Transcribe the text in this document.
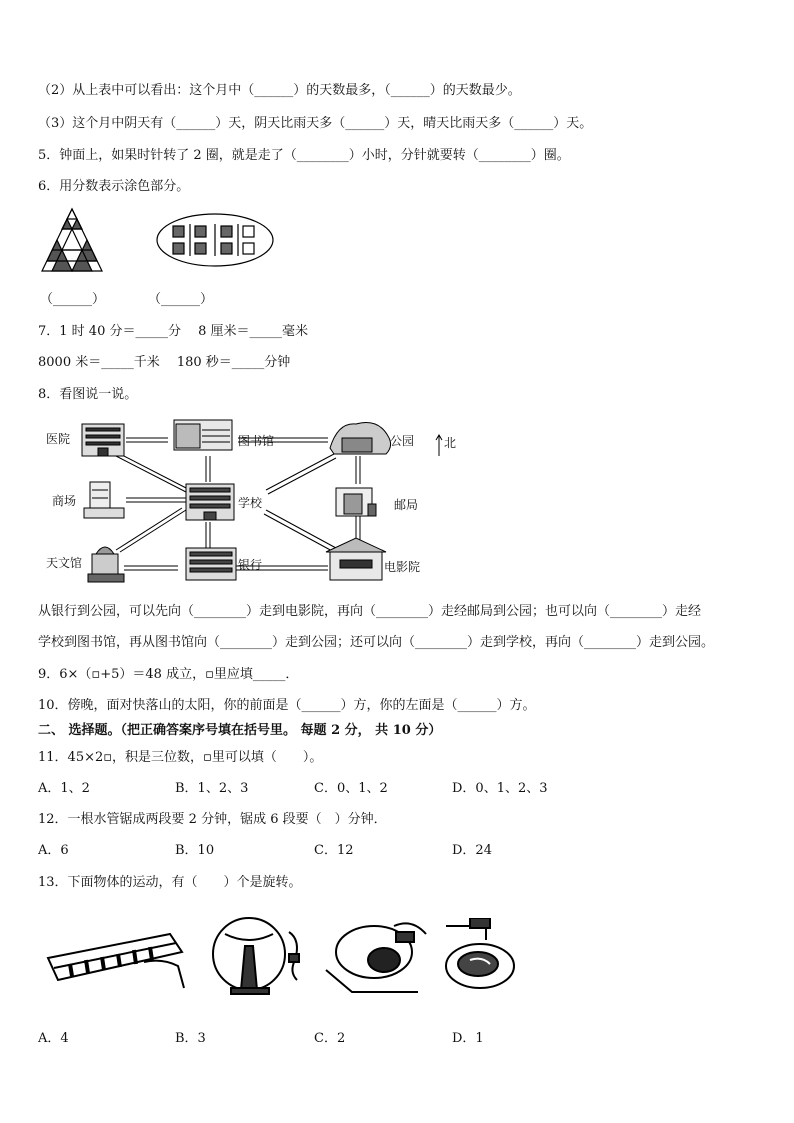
（2）从上表中可以看出：这个月中（______）的天数最多，（______）的天数最少。
（3）这个月中阴天有（______）天，阴天比雨天多（______）天，晴天比雨天多（______）天。
5．钟面上，如果时针转了 2 圈，就是走了（________）小时，分针就要转（________）圈。
6．用分数表示涂色部分。
（______）	（______）
7．1 时 40 分＝_____分　 8 厘米＝_____毫米
8000 米＝_____千米　 180 秒＝_____分钟
8．看图说一说。
医院	图书馆	公园 北
商场	学校	邮局
天文馆	银行	电影院
从银行到公园，可以先向（________）走到电影院，再向（________）走经邮局到公园；也可以向（________）走经
学校到图书馆，再从图书馆向（________）走到公园；还可以向（________）走到学校，再向（________）走到公园。
9．6×（▫+5）＝48 成立，▫里应填_____．
10．傍晚，面对快落山的太阳，你的前面是（______）方，你的左面是（______）方。
二、 选择题。（把正确答案序号填在括号里。 每题 2 分， 共 10 分）
11．45×2▫，积是三位数，▫里可以填（　　）。
A．1、2	B．1、2、3	C．0、1、2	D．0、1、2、3
12．一根水管锯成两段要 2 分钟，锯成 6 段要（　）分钟．
A．6	B．10	C．12	D．24
13．下面物体的运动，有（　　）个是旋转。
A．4	B．3	C．2	D．1
